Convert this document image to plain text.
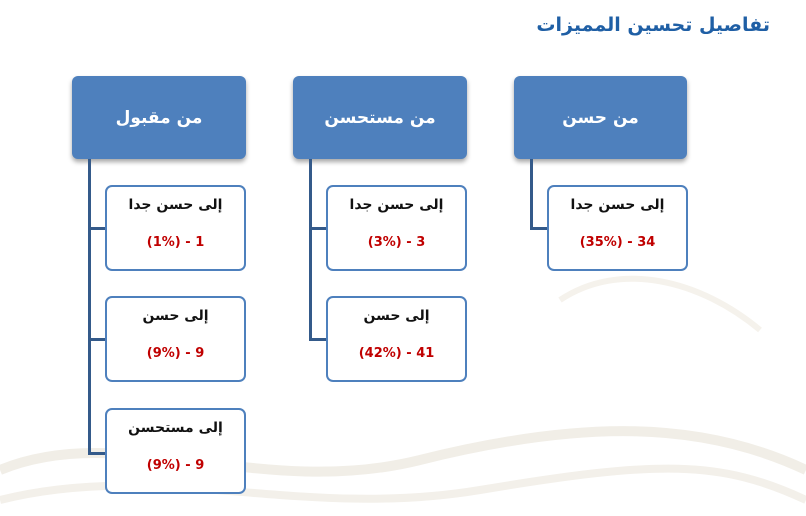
تفاصيل تحسين المميزات
من مقبول
إلى حسن جدا
1 - (1%)
إلى حسن
9 - (9%)
إلى مستحسن
9 - (9%)
من مستحسن
إلى حسن جدا
3 - (3%)
إلى حسن
41 - (42%)
من حسن
إلى حسن جدا
34 - (35%)
